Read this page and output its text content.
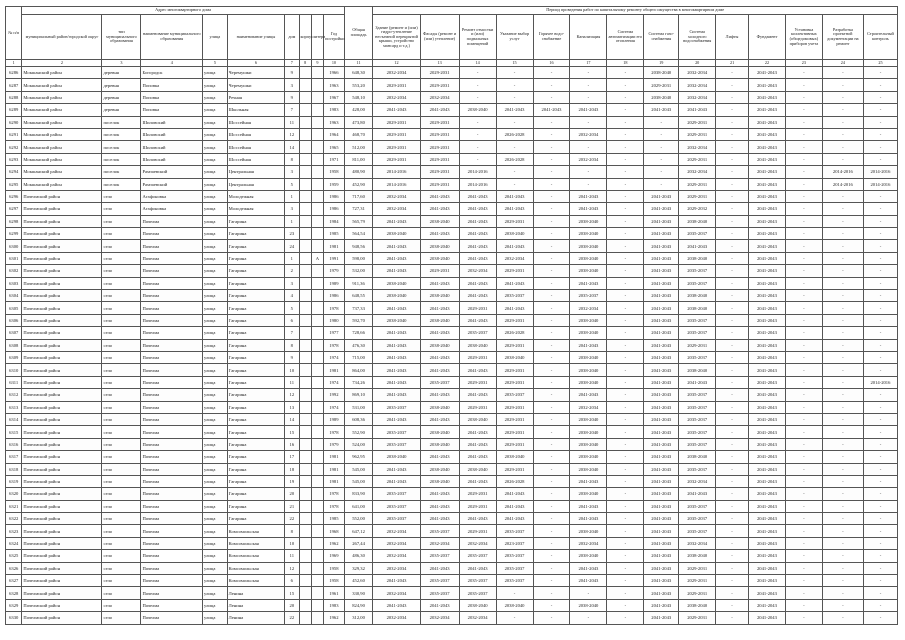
№ п/п	Адрес многоквартирного дома									Общая площадь	Период проведения работ по капитальному ремонту общего имущества в многоквартирном доме													
	муниципальный район/городской округ	тип муниципального образования	наименование муниципального образования	улица	наименование улицы	дом	корпус	литера	Год постройки		Здание (ремонт и (или) гидро-утепление несъемной перекрытий крыши, устройство мансард и т.д.)	Фасады (ремонт и (или) утепление)	Ремонт отмостки и (или) подвальных помещений	Указание выбор услуг	Горячее водо-снабжение	Канализация	Система автоматизации его отопления	Система газо-снабжения	Система холодного водоснабжения	Лифты	Фундамент	Установка коллективных (общедомовых) приборов учета	Разработка проектной документации на ремонт	Строительный контроль
1	2	3	4	5	6	7	8	9	10	11	12	13	14	15	16	17	18	19	20	21	22	23	24	25
6286	Мокшанский район	деревня	Богородск	улица	Черемушки	9			1966	648,30	2032-2034	2029-2031	-	-	-	-	-	2038-2040	2032-2034	-	2041-2043	-	-	-
6287	Мокшанский район	деревня	Поповка	улица	Черемушки	3			1963	553,20	2029-2031	2029-2031	-	-	-	-	-	2029-2031	2032-2034	-	2041-2043	-	-	-
6288	Мокшанский район	деревня	Поповка	улица	Речная	9			1967	548,10	2032-2034	2032-2034	-	-	-	-	-	2038-2040	2032-2034	-	2041-2043	-	-	-
6289	Мокшанский район	деревня	Поповка	улица	Школьная	7			1983	428,00	2041-2043	2041-2043	2038-2040	2041-2043	2041-2043	2041-2043	-	2041-2043	2041-2043	-	2041-2043	-	-	-
6290	Мокшанский район	поселок	Шиловский	улица	Шоссейная	11			1963	473,80	2029-2031	2029-2031	-	-	-	-	-	-	2029-2031	-	2041-2043	-	-	-
6291	Мокшанский район	поселок	Шиловский	улица	Шоссейная	12			1964	468,70	2029-2031	2029-2031	-	2026-2028	-	2032-2034	-	-	2029-2031	-	2041-2043	-	-	-
6292	Мокшанский район	поселок	Шиловский	улица	Шоссейная	14			1965	512,00	2029-2031	2029-2031	-	-	-	-	-	-	2032-2034	-	2041-2043	-	-	-
6293	Мокшанский район	поселок	Шиловский	улица	Шоссейная	8			1971	811,00	2029-2031	2029-2031	-	2026-2028	-	2032-2034	-	-	2029-2031	-	2041-2043	-	-	-
6294	Мокшанский район	поселок	Рамзаевский	улица	Центральная	3			1958	480,90	2014-2016	2029-2031	2014-2016	-	-	-	-	-	2032-2034	-	2041-2043	-	2014-2016	2014-2016
6295	Мокшанский район	поселок	Рамзаевский	улица	Центральная	5			1959	452,90	2014-2016	2029-2031	2014-2016	-	-	-	-	-	2029-2031	-	2041-2043	-	2014-2016	2014-2016
6296	Пачелмский район	село	Агафоновка	улица	Молодежная	1			1986	717,60	2032-2034	2041-2043	2041-2043	2041-2043	-	2041-2043	-	2041-2043	2029-2031	-	2041-2043	-	-	-
6297	Пачелмский район	село	Агафоновка	улица	Молодежная	3			1986	727,31	2032-2034	2041-2043	2041-2043	2041-2043	-	2041-2043	-	2041-2043	2029-2032	-	2041-2043	-	-	-
6298	Пачелмский район	село	Пачелма	улица	Гагарина	1			1984	565,79	2041-2043	2038-2040	2041-2043	2029-2031	-	2038-2040	-	2041-2043	2038-2040	-	2041-2043	-	-	-
6299	Пачелмский район	село	Пачелма	улица	Гагарина	23			1985	564,54	2038-2040	2041-2043	2041-2043	2038-2040	-	2038-2040	-	2041-2043	2035-2037	-	2041-2043	-	-	-
6300	Пачелмский район	село	Пачелма	улица	Гагарина	24			1981	948,56	2041-2043	2038-2040	2041-2043	2041-2043	-	2038-2040	-	2041-2043	2041-2043	-	2041-2043	-	-	-
6301	Пачелмский район	село	Пачелма	улица	Гагарина	1		А	1991	598,00	2041-2043	2038-2040	2041-2043	2032-2034	-	2038-2040	-	2041-2043	2038-2040	-	2041-2043	-	-	-
6302	Пачелмский район	село	Пачелма	улица	Гагарина	2			1979	532,00	2041-2043	2029-2031	2032-2034	2029-2031	-	2038-2040	-	2041-2043	2035-2037	-	2041-2043	-	-	-
6303	Пачелмский район	село	Пачелма	улица	Гагарина	3			1989	911,36	2038-2040	2041-2043	2041-2043	2041-2043	-	2041-2043	-	2041-2043	2035-2037	-	2041-2043	-	-	-
6304	Пачелмский район	село	Пачелма	улица	Гагарина	4			1986	648,55	2038-2040	2038-2040	2041-2043	2035-2037	-	2035-2037	-	2041-2043	2038-2040	-	2041-2043	-	-	-
6305	Пачелмский район	село	Пачелма	улица	Гагарина	5			1978	737,33	2041-2043	2041-2043	2029-2031	2041-2043	-	2032-2034	-	2041-2043	2038-2040	-	2041-2043	-	-	-
6306	Пачелмский район	село	Пачелма	улица	Гагарина	6			1980	592,70	2038-2040	2038-2040	2041-2043	2029-2031	-	2038-2040	-	2041-2043	2035-2037	-	2041-2043	-	-	-
6307	Пачелмский район	село	Пачелма	улица	Гагарина	7			1977	728,66	2041-2043	2041-2043	2035-2037	2026-2028	-	2038-2040	-	2041-2043	2035-2037	-	2041-2043	-	-	-
6308	Пачелмский район	село	Пачелма	улица	Гагарина	8			1978	476,30	2041-2043	2038-2040	2038-2040	2029-2031	-	2041-2043	-	2041-2043	2029-2031	-	2041-2043	-	-	-
6309	Пачелмский район	село	Пачелма	улица	Гагарина	9			1974	715,00	2041-2043	2041-2043	2029-2031	2038-2040	-	2038-2040	-	2041-2043	2035-2037	-	2041-2043	-	-	-
6310	Пачелмский район	село	Пачелма	улица	Гагарина	10			1981	864,00	2041-2043	2041-2043	2041-2043	2029-2031	-	2038-2040	-	2041-2043	2038-2040	-	2041-2043	-	-	-
6311	Пачелмский район	село	Пачелма	улица	Гагарина	11			1974	734,26	2041-2043	2035-2037	2029-2031	2029-2031	-	2038-2040	-	2041-2043	2041-2043	-	2041-2043	-	-	2014-2016
6312	Пачелмский район	село	Пачелма	улица	Гагарина	12			1992	869,10	2041-2043	2041-2043	2041-2043	2035-2037	-	2041-2043	-	2041-2043	2035-2037	-	2041-2043	-	-	-
6313	Пачелмский район	село	Пачелма	улица	Гагарина	13			1974	531,00	2035-2037	2038-2040	2029-2031	2029-2031	-	2032-2034	-	2041-2043	2035-2037	-	2041-2043	-	-	-
6314	Пачелмский район	село	Пачелма	улица	Гагарина	14			1989	608,36	2041-2043	2041-2043	2038-2040	2029-2031	-	2038-2040	-	2041-2043	2035-2037	-	2041-2043	-	-	-
6315	Пачелмский район	село	Пачелма	улица	Гагарина	15			1978	552,90	2035-2037	2038-2040	2041-2043	2029-2031	-	2038-2040	-	2041-2043	2035-2037	-	2041-2043	-	-	-
6316	Пачелмский район	село	Пачелма	улица	Гагарина	16			1979	524,00	2035-2037	2038-2040	2041-2043	2029-2031	-	2038-2040	-	2041-2043	2035-2037	-	2041-2043	-	-	-
6317	Пачелмский район	село	Пачелма	улица	Гагарина	17			1981	962,95	2038-2040	2041-2043	2041-2043	2038-2040	-	2038-2040	-	2041-2043	2038-2040	-	2041-2043	-	-	-
6318	Пачелмский район	село	Пачелма	улица	Гагарина	18			1981	545,00	2041-2043	2038-2040	2038-2040	2029-2031	-	2038-2040	-	2041-2043	2035-2037	-	2041-2043	-	-	-
6319	Пачелмский район	село	Пачелма	улица	Гагарина	19			1981	545,00	2041-2043	2038-2040	2041-2043	2026-2028	-	2041-2043	-	2041-2043	2032-2034	-	2041-2043	-	-	-
6320	Пачелмский район	село	Пачелма	улица	Гагарина	20			1978	833,90	2035-2037	2041-2043	2029-2031	2041-2043	-	2038-2040	-	2041-2043	2041-2043	-	2041-2043	-	-	-
6321	Пачелмский район	село	Пачелма	улица	Гагарина	21			1978	641,00	2035-2037	2041-2043	2029-2031	2041-2043	-	2041-2043	-	2041-2043	2035-2037	-	2041-2043	-	-	-
6322	Пачелмский район	село	Пачелма	улица	Гагарина	22			1985	552,00	2035-2037	2041-2043	2041-2043	2041-2043	-	2041-2043	-	2041-2043	2035-2037	-	2041-2043	-	-	-
6323	Пачелмский район	село	Пачелма	улица	Комсомольская	8			1968	647,12	2032-2034	2035-2037	2029-2031	2035-2037	-	2038-2040	-	2041-2043	2035-2037	-	2041-2043	-	-	-
6324	Пачелмский район	село	Пачелма	улица	Комсомольская	10			1962	267,44	2032-2034	2032-2034	2032-2034	2023-2037	-	2032-2034	-	2041-2043	2032-2034	-	2041-2043	-	-	-
6325	Пачелмский район	село	Пачелма	улица	Комсомольская	11			1969	486,30	2032-2034	2035-2037	2035-2037	2035-2037	-	2038-2040	-	2041-2043	2038-2040	-	2041-2043	-	-	-
6326	Пачелмский район	село	Пачелма	улица	Комсомольская	12			1958	329,32	2032-2034	2041-2043	2041-2043	2035-2037	-	2041-2043	-	2041-2043	2029-2031	-	2041-2043	-	-	-
6327	Пачелмский район	село	Пачелма	улица	Комсомольская	6			1958	452,60	2041-2043	2035-2037	2035-2037	2035-2037	-	2041-2043	-	2041-2043	2029-2031	-	2041-2043	-	-	-
6328	Пачелмский район	село	Пачелма	улица	Ленина	15			1961	330,90	2032-2034	2035-2037	2035-2037	-	-	-	-	2041-2043	2029-2031	-	2041-2043	-	-	-
6329	Пачелмский район	село	Пачелма	улица	Ленина	20			1983	824,90	2041-2043	2041-2043	2038-2040	2038-2040	-	2038-2040	-	2041-2043	2038-2040	-	2041-2043	-	-	-
6330	Пачелмский район	село	Пачелма	улица	Ленина	22			1962	312,00	2032-2034	2032-2034	2032-2034	-	-	-	-	2041-2043	2029-2031	-	2041-2043	-	-	-
